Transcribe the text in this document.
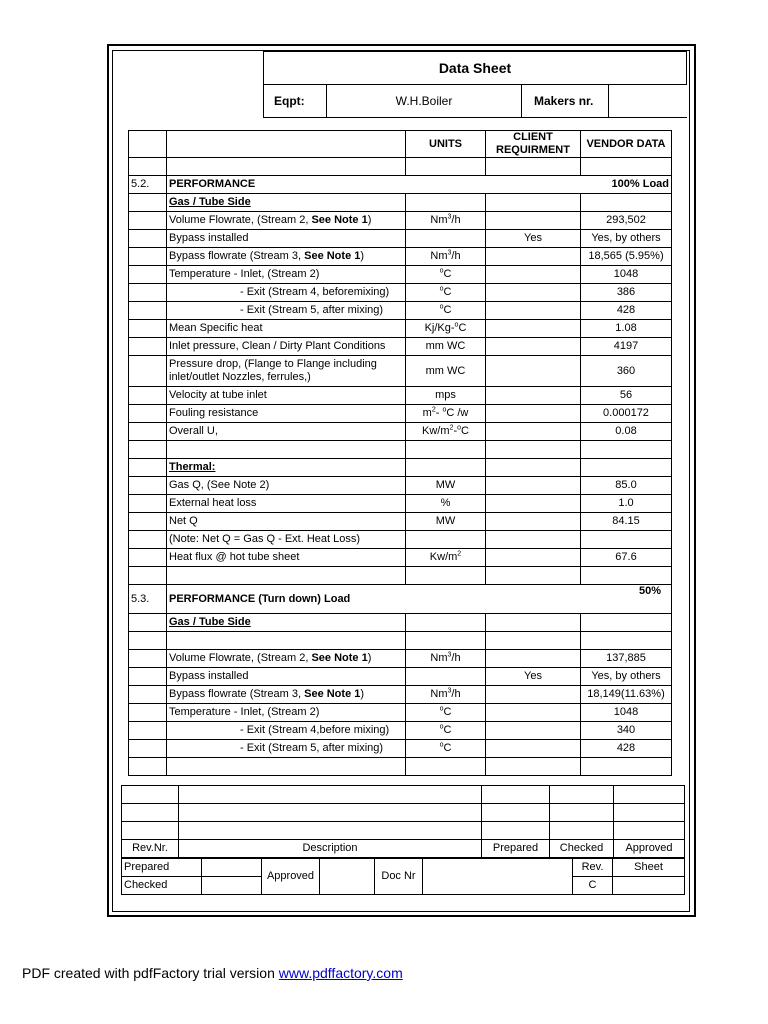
	Data Sheet			
	Eqpt:	W.H.Boiler	Makers nr.	
		UNITS	CLIENT REQUIRMENT	VENDOR DATA	

5.2.	PERFORMANCE			100% Load	
	Gas / Tube Side				
	Volume Flowrate, (Stream 2, See Note 1)	Nm$^3$/h		293,502	
	Bypass installed		Yes	Yes, by others	
	Bypass flowrate (Stream 3, See Note 1)	Nm$^3$/h		18,565 (5.95%)	
	Temperature - Inlet, (Stream 2)	$^o$C		1048	
	- Exit (Stream 4, beforemixing)	$^o$C		386	
	- Exit (Stream 5, after mixing)	$^o$C		428	
	Mean Specific heat	Kj/Kg-$^o$C		1.08	
	Inlet pressure, Clean / Dirty Plant Conditions	mm WC		4197	
	Pressure drop, (Flange to Flange including inlet/outlet Nozzles, ferrules,)	mm WC		360	
	Velocity at tube inlet	mps		56	
	Fouling resistance	$m^2-$ $^o$C /w		0.000172	
	Overall U,	$Kw/m^2-^oC$		0.08	

	Thermal:				
	Gas Q, (See Note 2)	MW		85.0	
	External heat loss	%		1.0	
	Net Q	MW		84.15	
	(Note: Net Q = Gas Q - Ext. Heat Loss)				
	Heat flux @ hot tube sheet	$Kw/m^2$		67.6	

5.3.	PERFORMANCE (Turn down) Load			50%	
	Gas / Tube Side				

	Volume Flowrate, (Stream 2, See Note 1)	Nm$^3$/h		137,885	
	Bypass installed		Yes	Yes, by others	
	Bypass flowrate (Stream 3, See Note 1)	Nm$^3$/h		18,149(11.63%)	
	Temperature - Inlet, (Stream 2)	$^o$C		1048	
	- Exit (Stream 4,before mixing)	$^o$C		340	
	- Exit (Stream 5, after mixing)	$^o$C		428	

Rev.Nr.	Description	Prepared	Checked	Approved
Prepared		Approved		Doc Nr		Rev.	Sheet
Checked						C	
PDF created with pdfFactory trial version www.pdffactory.com
